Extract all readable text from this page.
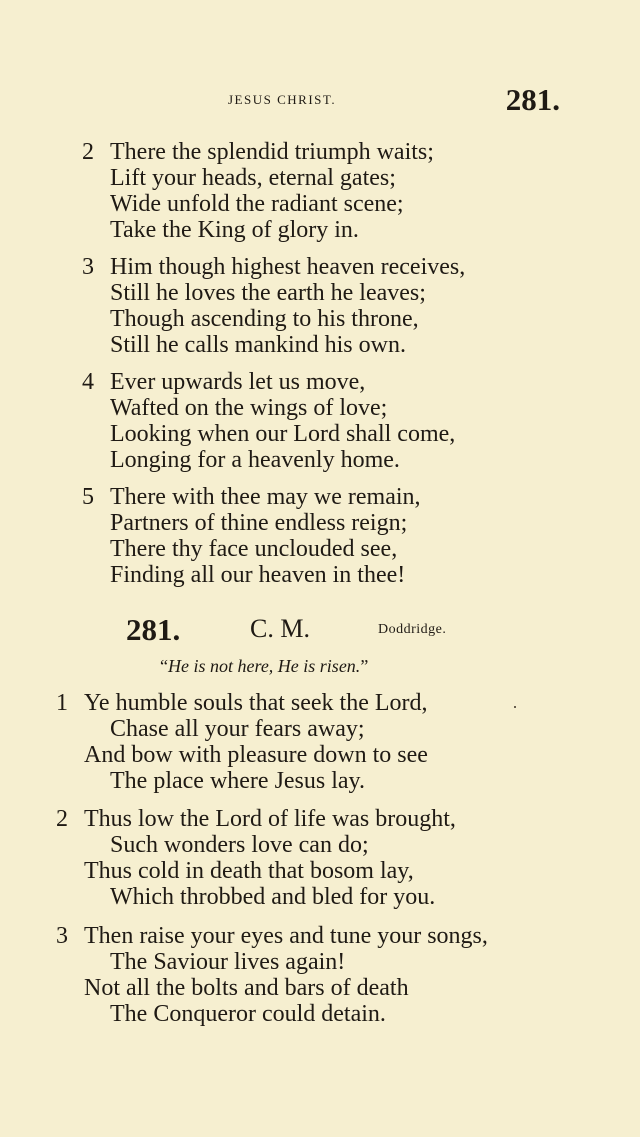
JESUS CHRIST.	281.
2 There the splendid triumph waits;
Lift your heads, eternal gates;
Wide unfold the radiant scene;
Take the King of glory in.
3 Him though highest heaven receives,
Still he loves the earth he leaves;
Though ascending to his throne,
Still he calls mankind his own.
4 Ever upwards let us move,
Wafted on the wings of love;
Looking when our Lord shall come,
Longing for a heavenly home.
5 There with thee may we remain,
Partners of thine endless reign;
There thy face unclouded see,
Finding all our heaven in thee!
281.	C. M.	Doddridge.
“He is not here, He is risen.”
1 Ye humble souls that seek the Lord,
Chase all your fears away;
And bow with pleasure down to see
The place where Jesus lay.
2 Thus low the Lord of life was brought,
Such wonders love can do;
Thus cold in death that bosom lay,
Which throbbed and bled for you.
3 Then raise your eyes and tune your songs,
The Saviour lives again!
Not all the bolts and bars of death
The Conqueror could detain.
